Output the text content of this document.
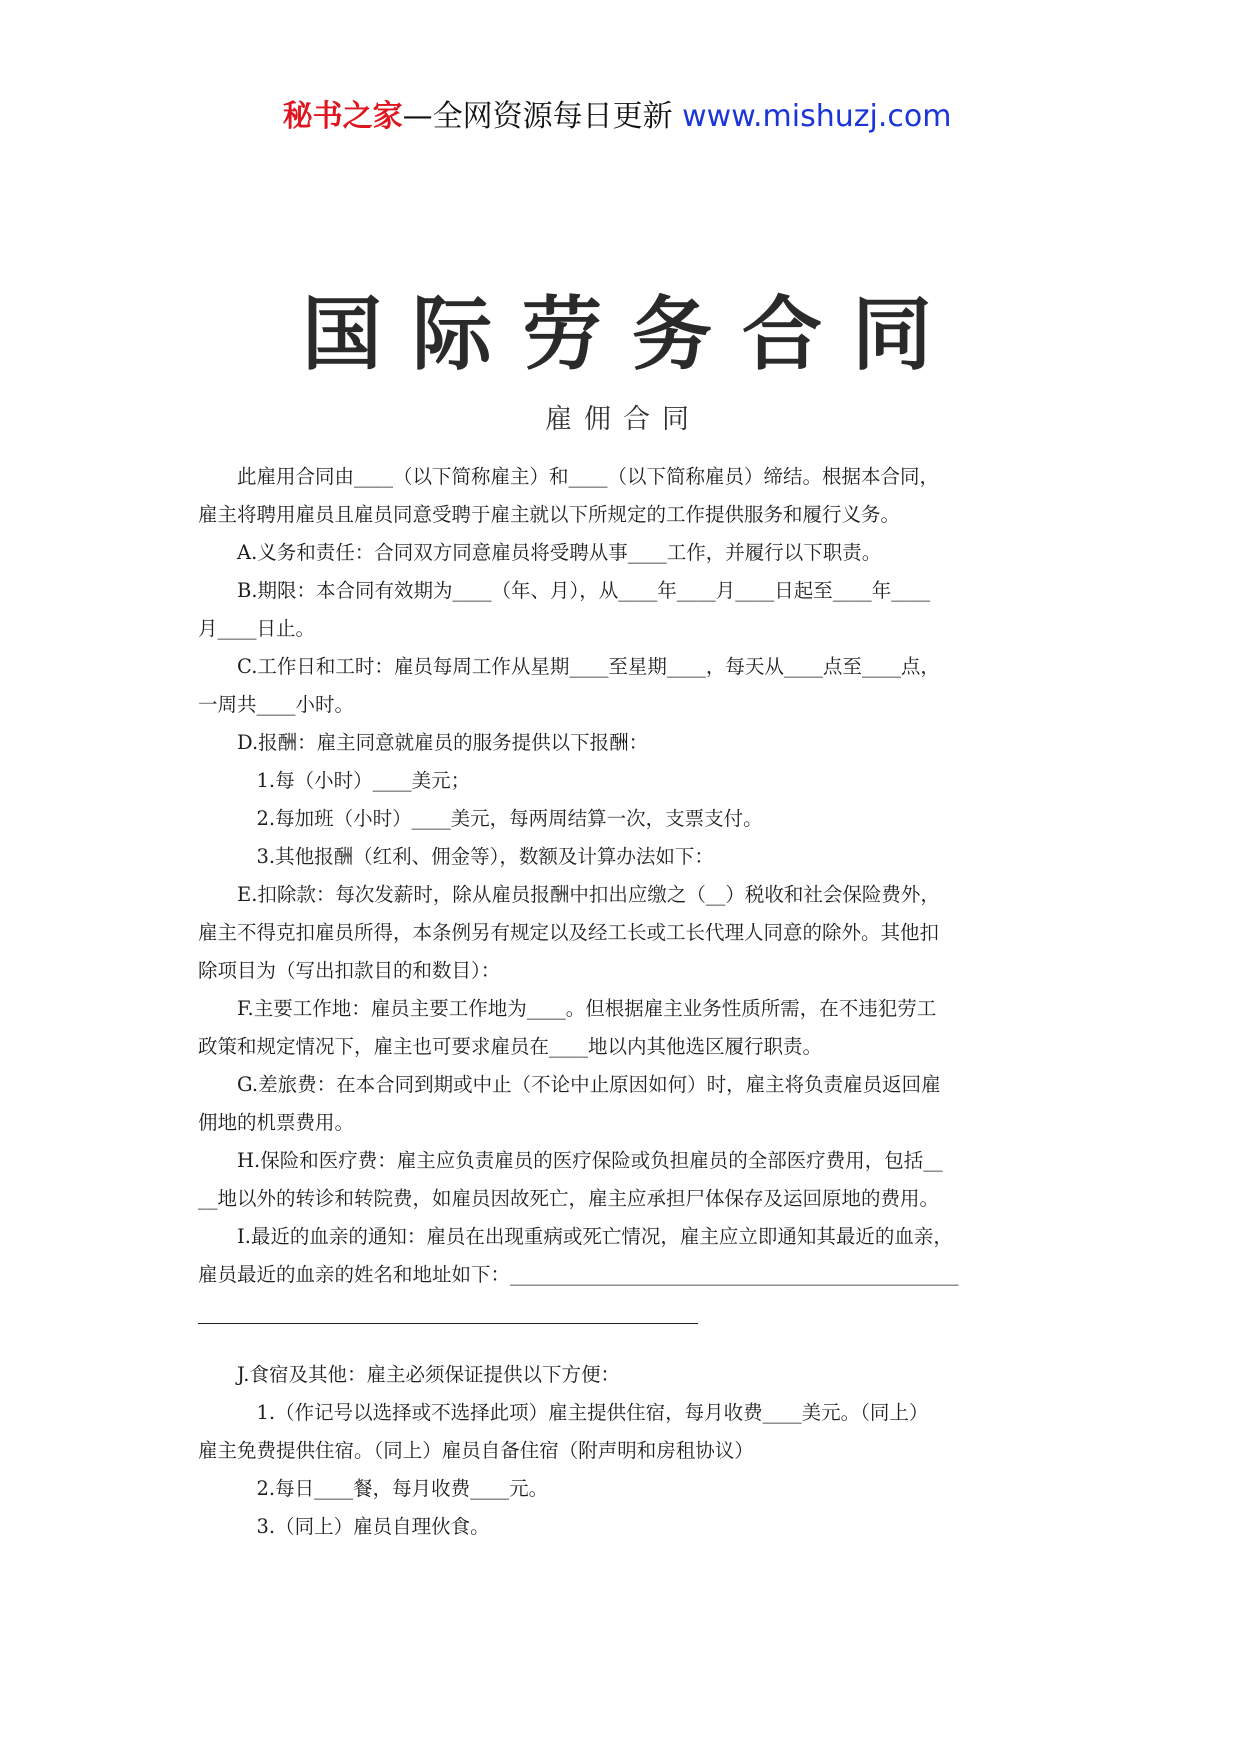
秘书之家—全网资源每日更新 www.mishuzj.com
国际劳务合同
雇佣合同
　　此雇用合同由____（以下简称雇主）和____（以下简称雇员）缔结。根据本合同，
雇主将聘用雇员且雇员同意受聘于雇主就以下所规定的工作提供服务和履行义务。
　　A.义务和责任：合同双方同意雇员将受聘从事____工作，并履行以下职责。
　　B.期限：本合同有效期为____（年、月），从____年____月____日起至____年____
月____日止。
　　C.工作日和工时：雇员每周工作从星期____至星期____，每天从____点至____点，
一周共____小时。
　　D.报酬：雇主同意就雇员的服务提供以下报酬：
　　　1.每（小时）____美元；
　　　2.每加班（小时）____美元，每两周结算一次，支票支付。
　　　3.其他报酬（红利、佣金等），数额及计算办法如下：
　　E.扣除款：每次发薪时，除从雇员报酬中扣出应缴之（__）税收和社会保险费外，
雇主不得克扣雇员所得，本条例另有规定以及经工长或工长代理人同意的除外。其他扣
除项目为（写出扣款目的和数目）：
　　F.主要工作地：雇员主要工作地为____。但根据雇主业务性质所需，在不违犯劳工
政策和规定情况下，雇主也可要求雇员在____地以内其他选区履行职责。
　　G.差旅费：在本合同到期或中止（不论中止原因如何）时，雇主将负责雇员返回雇
佣地的机票费用。
　　H.保险和医疗费：雇主应负责雇员的医疗保险或负担雇员的全部医疗费用，包括__
__地以外的转诊和转院费，如雇员因故死亡，雇主应承担尸体保存及运回原地的费用。
　　I.最近的血亲的通知：雇员在出现重病或死亡情况，雇主应立即通知其最近的血亲，
雇员最近的血亲的姓名和地址如下：______________________________________________
　　J.食宿及其他：雇主必须保证提供以下方便：
　　　1.（作记号以选择或不选择此项）雇主提供住宿，每月收费____美元。（同上）
雇主免费提供住宿。（同上）雇员自备住宿（附声明和房租协议）
　　　2.每日____餐，每月收费____元。
　　　3.（同上）雇员自理伙食。
